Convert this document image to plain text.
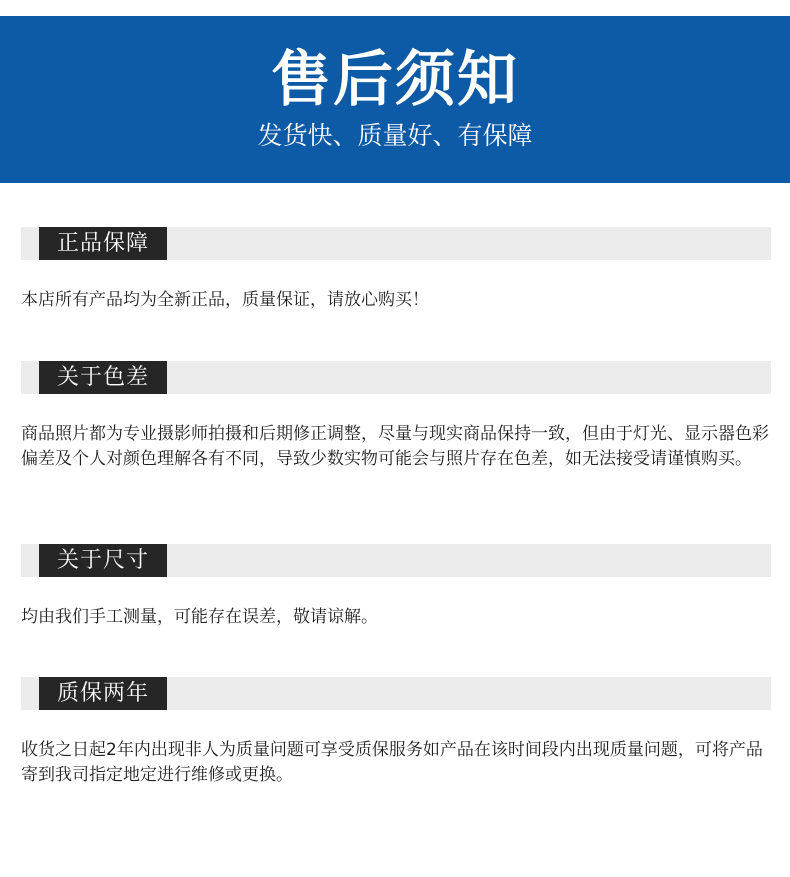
售后须知
发货快、质量好、有保障
正品保障
本店所有产品均为全新正品，质量保证，请放心购买！
关于色差
商品照片都为专业摄影师拍摄和后期修正调整，尽量与现实商品保持一致，但由于灯光、显示器色彩偏差及个人对颜色理解各有不同，导致少数实物可能会与照片存在色差，如无法接受请谨慎购买。
关于尺寸
均由我们手工测量，可能存在误差，敬请谅解。
质保两年
收货之日起2年内出现非人为质量问题可享受质保服务如产品在该时间段内出现质量问题，可将产品寄到我司指定地定进行维修或更换。
